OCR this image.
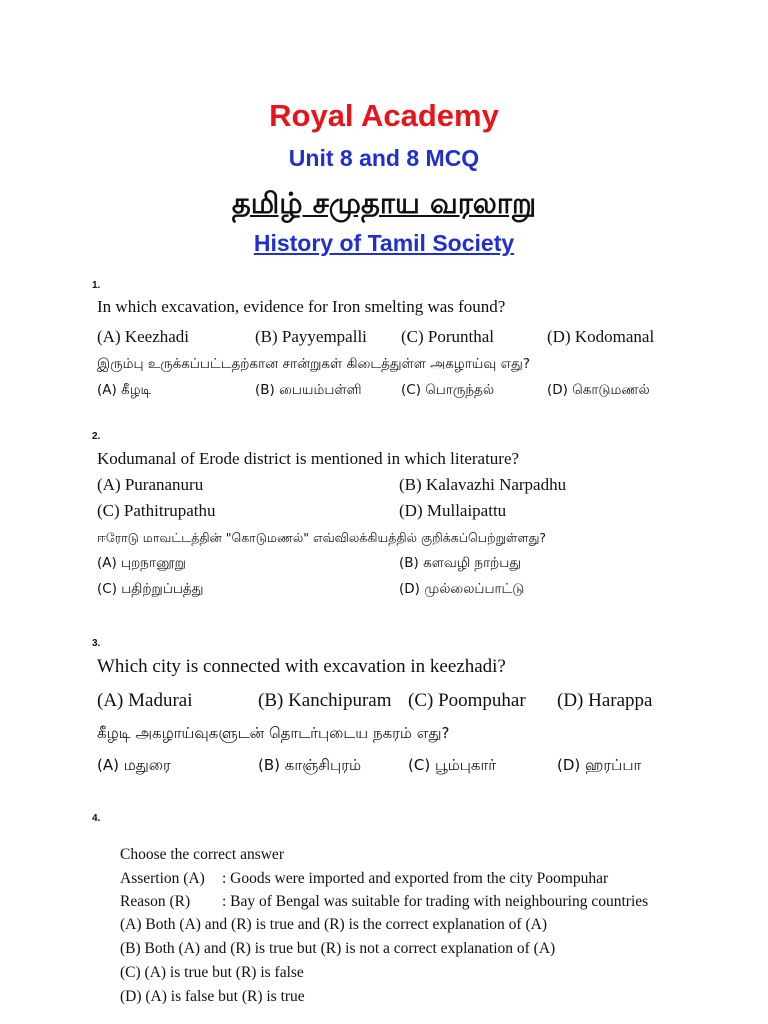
Royal Academy
Unit 8 and 8 MCQ
தமிழ் சமுதாய வரலாறு
History of Tamil Society
1.
In which excavation, evidence for Iron smelting was found?
(A) Keezhadi	(B) Payyempalli (C) Porunthal	(D) Kodomanal
இரும்பு உருக்கப்பட்டதற்கான சான்றுகள் கிடைத்துள்ள அகழாய்வு எது?
(A) கீழடி	(B) பையம்பள்ளி	(C) பொருந்தல்	(D) கொடுமணல்
2.
Kodumanal of Erode district is mentioned in which literature?
(A) Purananuru	(B) Kalavazhi Narpadhu
(C) Pathitrupathu	(D) Mullaipattu
ஈரோடு மாவட்டத்தின் "கொடுமணல்" எவ்விலக்கியத்தில் குறிக்கப்பெற்றுள்ளது?
(A) புறநானூறு	(B) களவழி நாற்பது
(C) பதிற்றுப்பத்து	(D) முல்லைப்பாட்டு
3.
Which city is connected with excavation in keezhadi?
(A) Madurai	(B) Kanchipuram (C) Poompuhar (D) Harappa
கீழடி அகழாய்வுகளுடன் தொடர்புடைய நகரம் எது?
(A) மதுரை	(B) காஞ்சிபுரம்	(C) பூம்புகார்	(D) ஹரப்பா
4.
Choose the correct answer
Assertion (A) : Goods were imported and exported from the city Poompuhar
Reason (R) : Bay of Bengal was suitable for trading with neighbouring countries
(A) Both (A) and (R) is true and (R) is the correct explanation of (A)
(B) Both (A) and (R) is true but (R) is not a correct explanation of (A)
(C) (A) is true but (R) is false
(D) (A) is false but (R) is true
